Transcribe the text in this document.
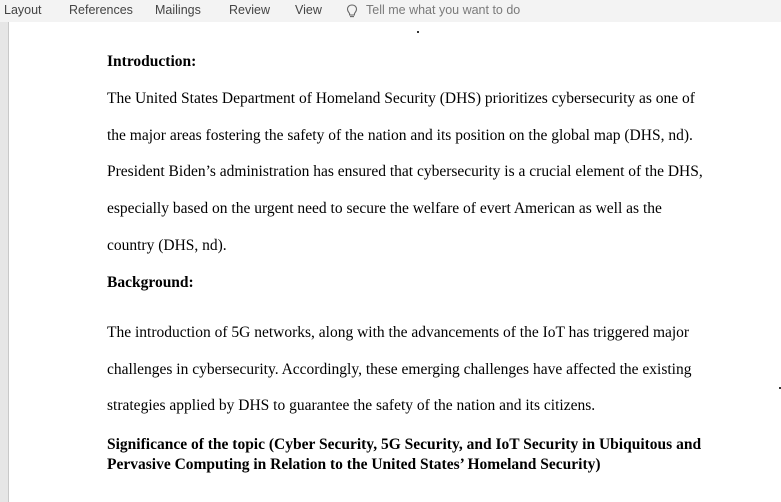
Layout References Mailings Review View	Tell me what you want to do
Introduction:
The United States Department of Homeland Security (DHS) prioritizes cybersecurity as one of
the major areas fostering the safety of the nation and its position on the global map (DHS, nd).
President Biden’s administration has ensured that cybersecurity is a crucial element of the DHS,
especially based on the urgent need to secure the welfare of evert American as well as the
country (DHS, nd).
Background:
The introduction of 5G networks, along with the advancements of the IoT has triggered major
challenges in cybersecurity. Accordingly, these emerging challenges have affected the existing
strategies applied by DHS to guarantee the safety of the nation and its citizens.
Significance of the topic (Cyber Security, 5G Security, and IoT Security in Ubiquitous and Pervasive Computing in Relation to the United States’ Homeland Security)
